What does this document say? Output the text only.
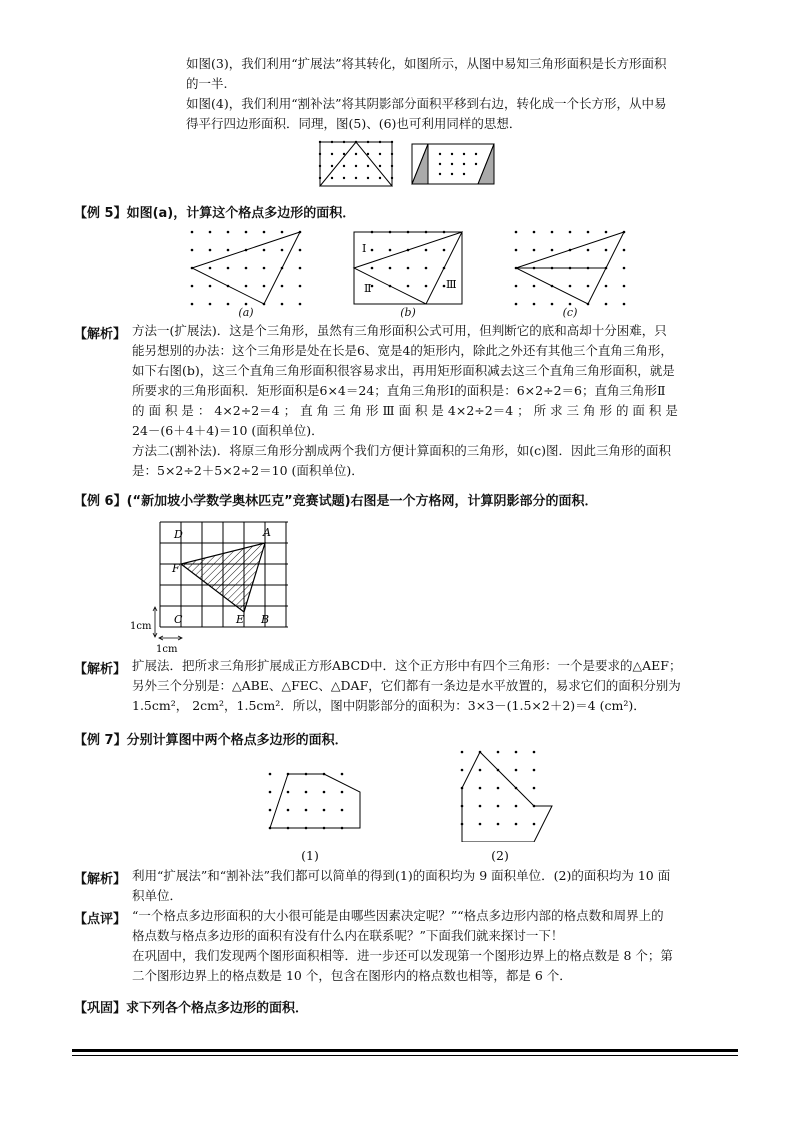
如图(3)，我们利用“扩展法”将其转化，如图所示，从图中易知三角形面积是长方形面积
的一半.
如图(4)，我们利用“割补法”将其阴影部分面积平移到右边，转化成一个长方形，从中易
得平行四边形面积．同理，图(5)、(6)也可利用同样的思想．
【例 5】如图(a)，计算这个格点多边形的面积．
(a)
Ⅰ
Ⅱ	Ⅲ
(b)	(c)
【解析】 方法一(扩展法)．这是个三角形，虽然有三角形面积公式可用，但判断它的底和高却十分困难，只
能另想别的办法：这个三角形是处在长是6、宽是4的矩形内，除此之外还有其他三个直角三角形，
如下右图(b)，这三个直角三角形面积很容易求出，再用矩形面积减去这三个直角三角形面积，就是
所要求的三角形面积．矩形面积是6×4＝24；直角三角形Ⅰ的面积是：6×2÷2＝6；直角三角形Ⅱ
的 面 积 是 ： 4×2÷2＝4 ； 直 角 三 角 形 Ⅲ 面 积 是 4×2÷2＝4 ； 所 求 三 角 形 的 面 积 是
24－(6＋4＋4)＝10 (面积单位)．
方法二(割补法)．将原三角形分割成两个我们方便计算面积的三角形，如(c)图．因此三角形的面积
是：5×2÷2＋5×2÷2＝10 (面积单位)．
【例 6】(“新加坡小学数学奥林匹克”竞赛试题)右图是一个方格网，计算阴影部分的面积．
D	A
F
C	E B
1cm
1cm
【解析】 扩展法．把所求三角形扩展成正方形ABCD中．这个正方形中有四个三角形：一个是要求的△AEF；
另外三个分别是：△ABE、△FEC、△DAF，它们都有一条边是水平放置的，易求它们的面积分别为
1.5cm²， 2cm²，1.5cm²．所以，图中阴影部分的面积为：3×3－(1.5×2＋2)＝4 (cm²)．
【例 7】分别计算图中两个格点多边形的面积．
(1)	(2)
【解析】 利用“扩展法”和“割补法”我们都可以简单的得到(1)的面积均为 9 面积单位．(2)的面积均为 10 面
积单位．
【点评】 “一个格点多边形面积的大小很可能是由哪些因素决定呢？”“格点多边形内部的格点数和周界上的
格点数与格点多边形的面积有没有什么内在联系呢？”下面我们就来探讨一下！
在巩固中，我们发现两个图形面积相等．进一步还可以发现第一个图形边界上的格点数是 8 个；第
二个图形边界上的格点数是 10 个，包含在图形内的格点数也相等，都是 6 个．
【巩固】求下列各个格点多边形的面积．
